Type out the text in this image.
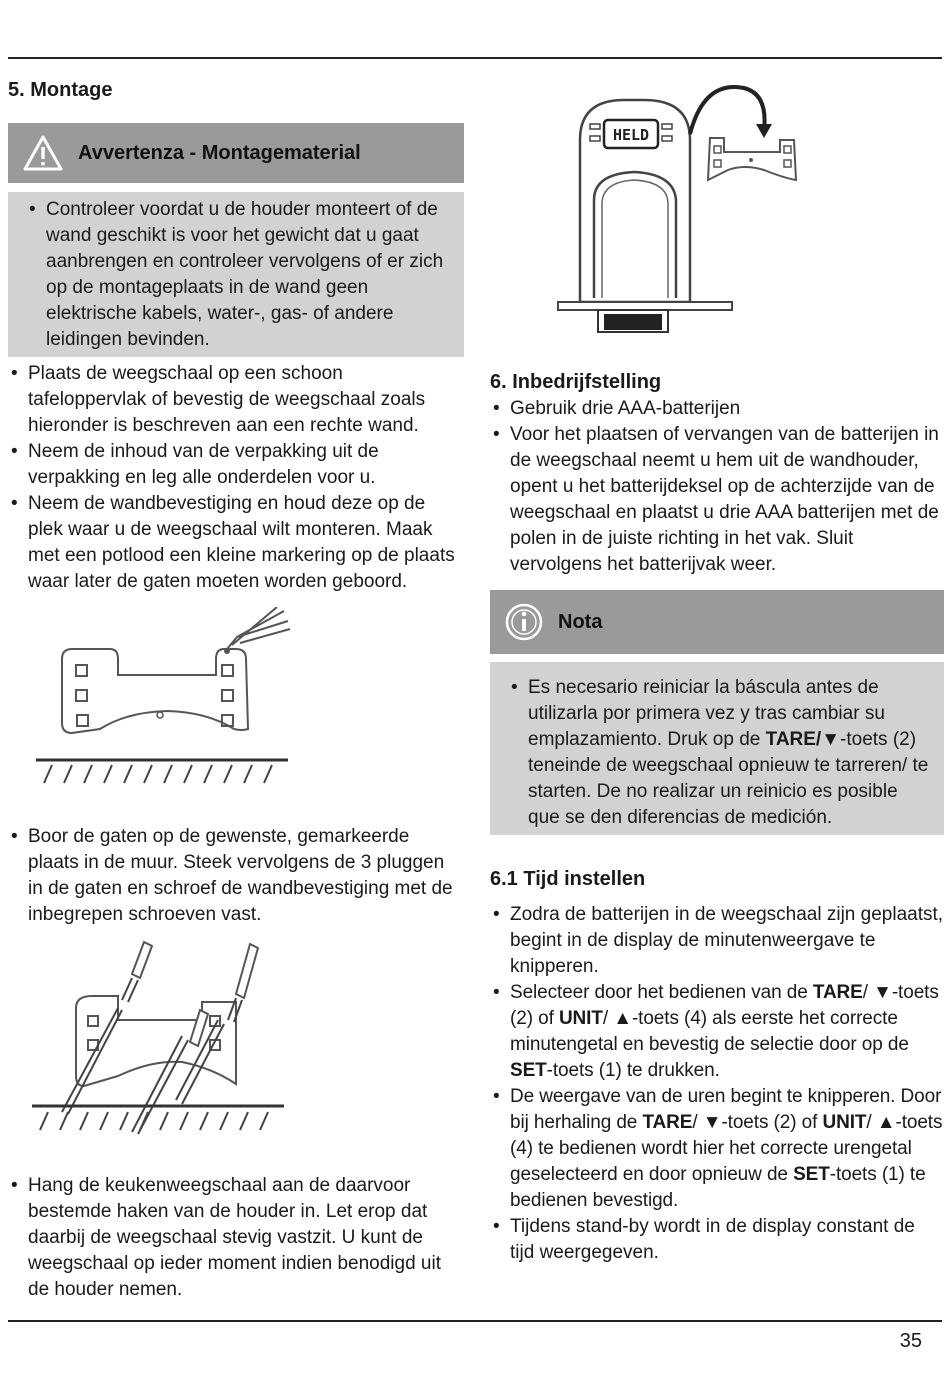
5. Montage
Avvertenza - Montagematerial
• Controleer voordat u de houder monteert of de wand geschikt is voor het gewicht dat u gaat aanbrengen en controleer vervolgens of er zich op de montageplaats in de wand geen elektrische kabels, water-, gas- of andere leidingen bevinden.
• Plaats de weegschaal op een schoon tafeloppervlak of bevestig de weegschaal zoals hieronder is beschreven aan een rechte wand.
• Neem de inhoud van de verpakking uit de verpakking en leg alle onderdelen voor u.
• Neem de wandbevestiging en houd deze op de plek waar u de weegschaal wilt monteren. Maak met een potlood een kleine markering op de plaats waar later de gaten moeten worden geboord.
• Boor de gaten op de gewenste, gemarkeerde plaats in de muur. Steek vervolgens de 3 pluggen in de gaten en schroef de wandbevestiging met de inbegrepen schroeven vast.
• Hang de keukenweegschaal aan de daarvoor bestemde haken van de houder in. Let erop dat daarbij de weegschaal stevig vastzit. U kunt de weegschaal op ieder moment indien benodigd uit de houder nemen.
HELD
6. Inbedrijfstelling
• Gebruik drie AAA-batterijen
• Voor het plaatsen of vervangen van de batterijen in de weegschaal neemt u hem uit de wandhouder, opent u het batterijdeksel op de achterzijde van de weegschaal en plaatst u drie AAA batterijen met de polen in de juiste richting in het vak. Sluit vervolgens het batterijvak weer.
Nota
• Es necesario reiniciar la báscula antes de utilizarla por primera vez y tras cambiar su emplazamiento. Druk op de TARE/▼-toets (2) teneinde de weegschaal opnieuw te tarreren/ te starten. De no realizar un reinicio es posible que se den diferencias de medición.
6.1 Tijd instellen
• Zodra de batterijen in de weegschaal zijn geplaatst, begint in de display de minutenweergave te knipperen.
• Selecteer door het bedienen van de TARE/ ▼-toets (2) of UNIT/ ▲-toets (4) als eerste het correcte minutengetal en bevestig de selectie door op de SET-toets (1) te drukken.
• De weergave van de uren begint te knipperen. Door bij herhaling de TARE/ ▼-toets (2) of UNIT/ ▲-toets (4) te bedienen wordt hier het correcte urengetal geselecteerd en door opnieuw de SET-toets (1) te bedienen bevestigd.
• Tijdens stand-by wordt in de display constant de tijd weergegeven.
35
